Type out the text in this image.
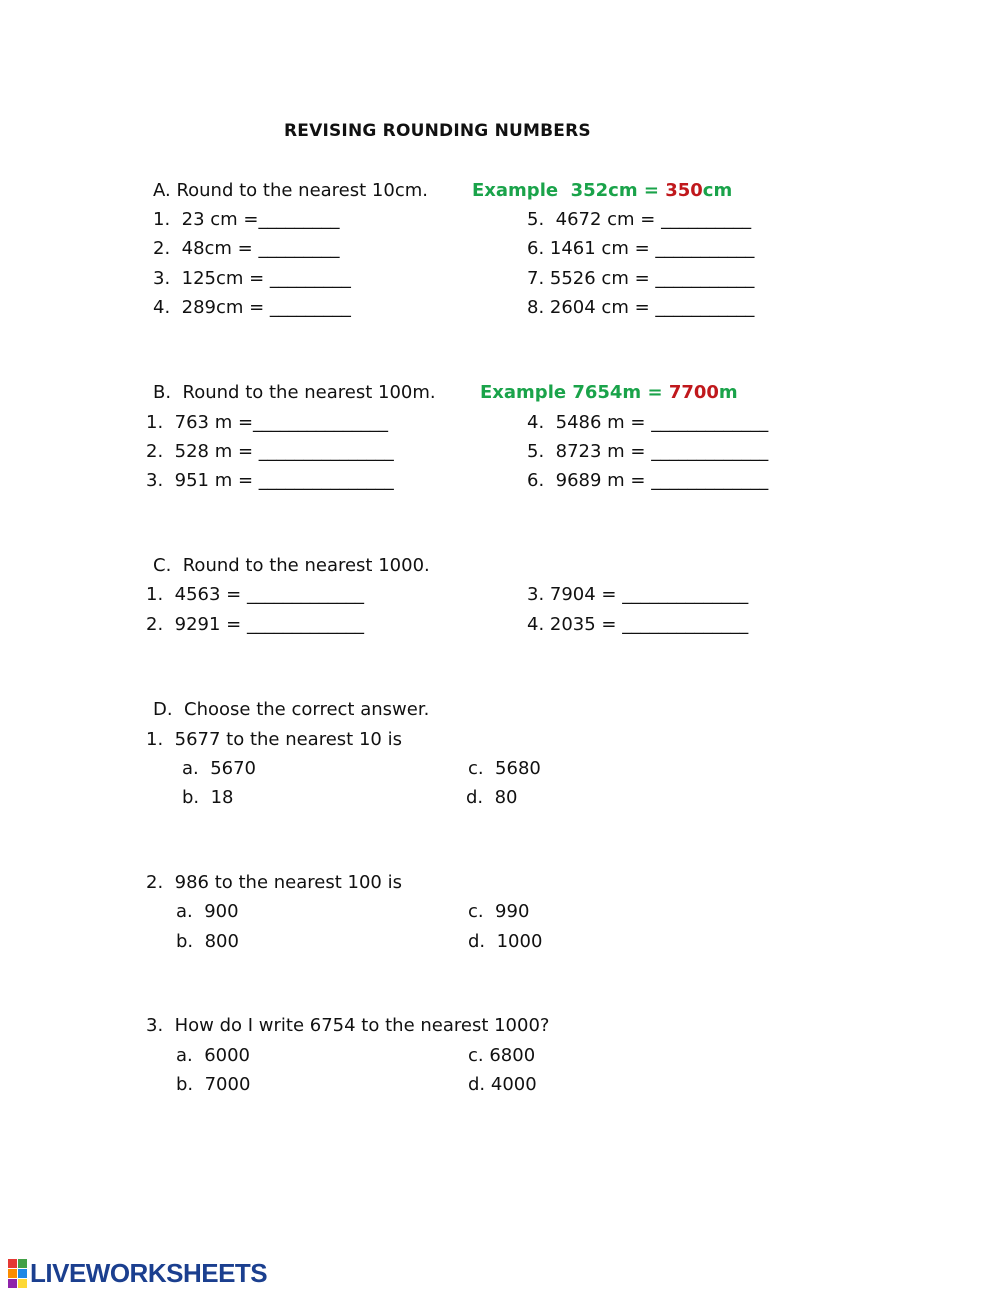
REVISING ROUNDING NUMBERS
A. Round to the nearest 10cm. Example  352cm = 350cm
1.  23 cm =_________
2.  48cm = _________
3.  125cm = _________
4.  289cm = _________
5.  4672 cm = __________
6. 1461 cm = ___________
7. 5526 cm = ___________
8. 2604 cm = ___________
B.  Round to the nearest 100m. Example 7654m = 7700m
1.  763 m =_______________
2.  528 m = _______________
3.  951 m = _______________
4.  5486 m = _____________
5.  8723 m = _____________
6.  9689 m = _____________
C.  Round to the nearest 1000.
1.  4563 = _____________
2.  9291 = _____________
3. 7904 = ______________
4. 2035 = ______________
D.  Choose the correct answer.
1.  5677 to the nearest 10 is
a.  5670
b.  18
c.  5680
d.  80
2.  986 to the nearest 100 is
a.  900
b.  800
c.  990
d.  1000
3.  How do I write 6754 to the nearest 1000?
a.  6000
b.  7000
c. 6800
d. 4000
LIVEWORKSHEETS
